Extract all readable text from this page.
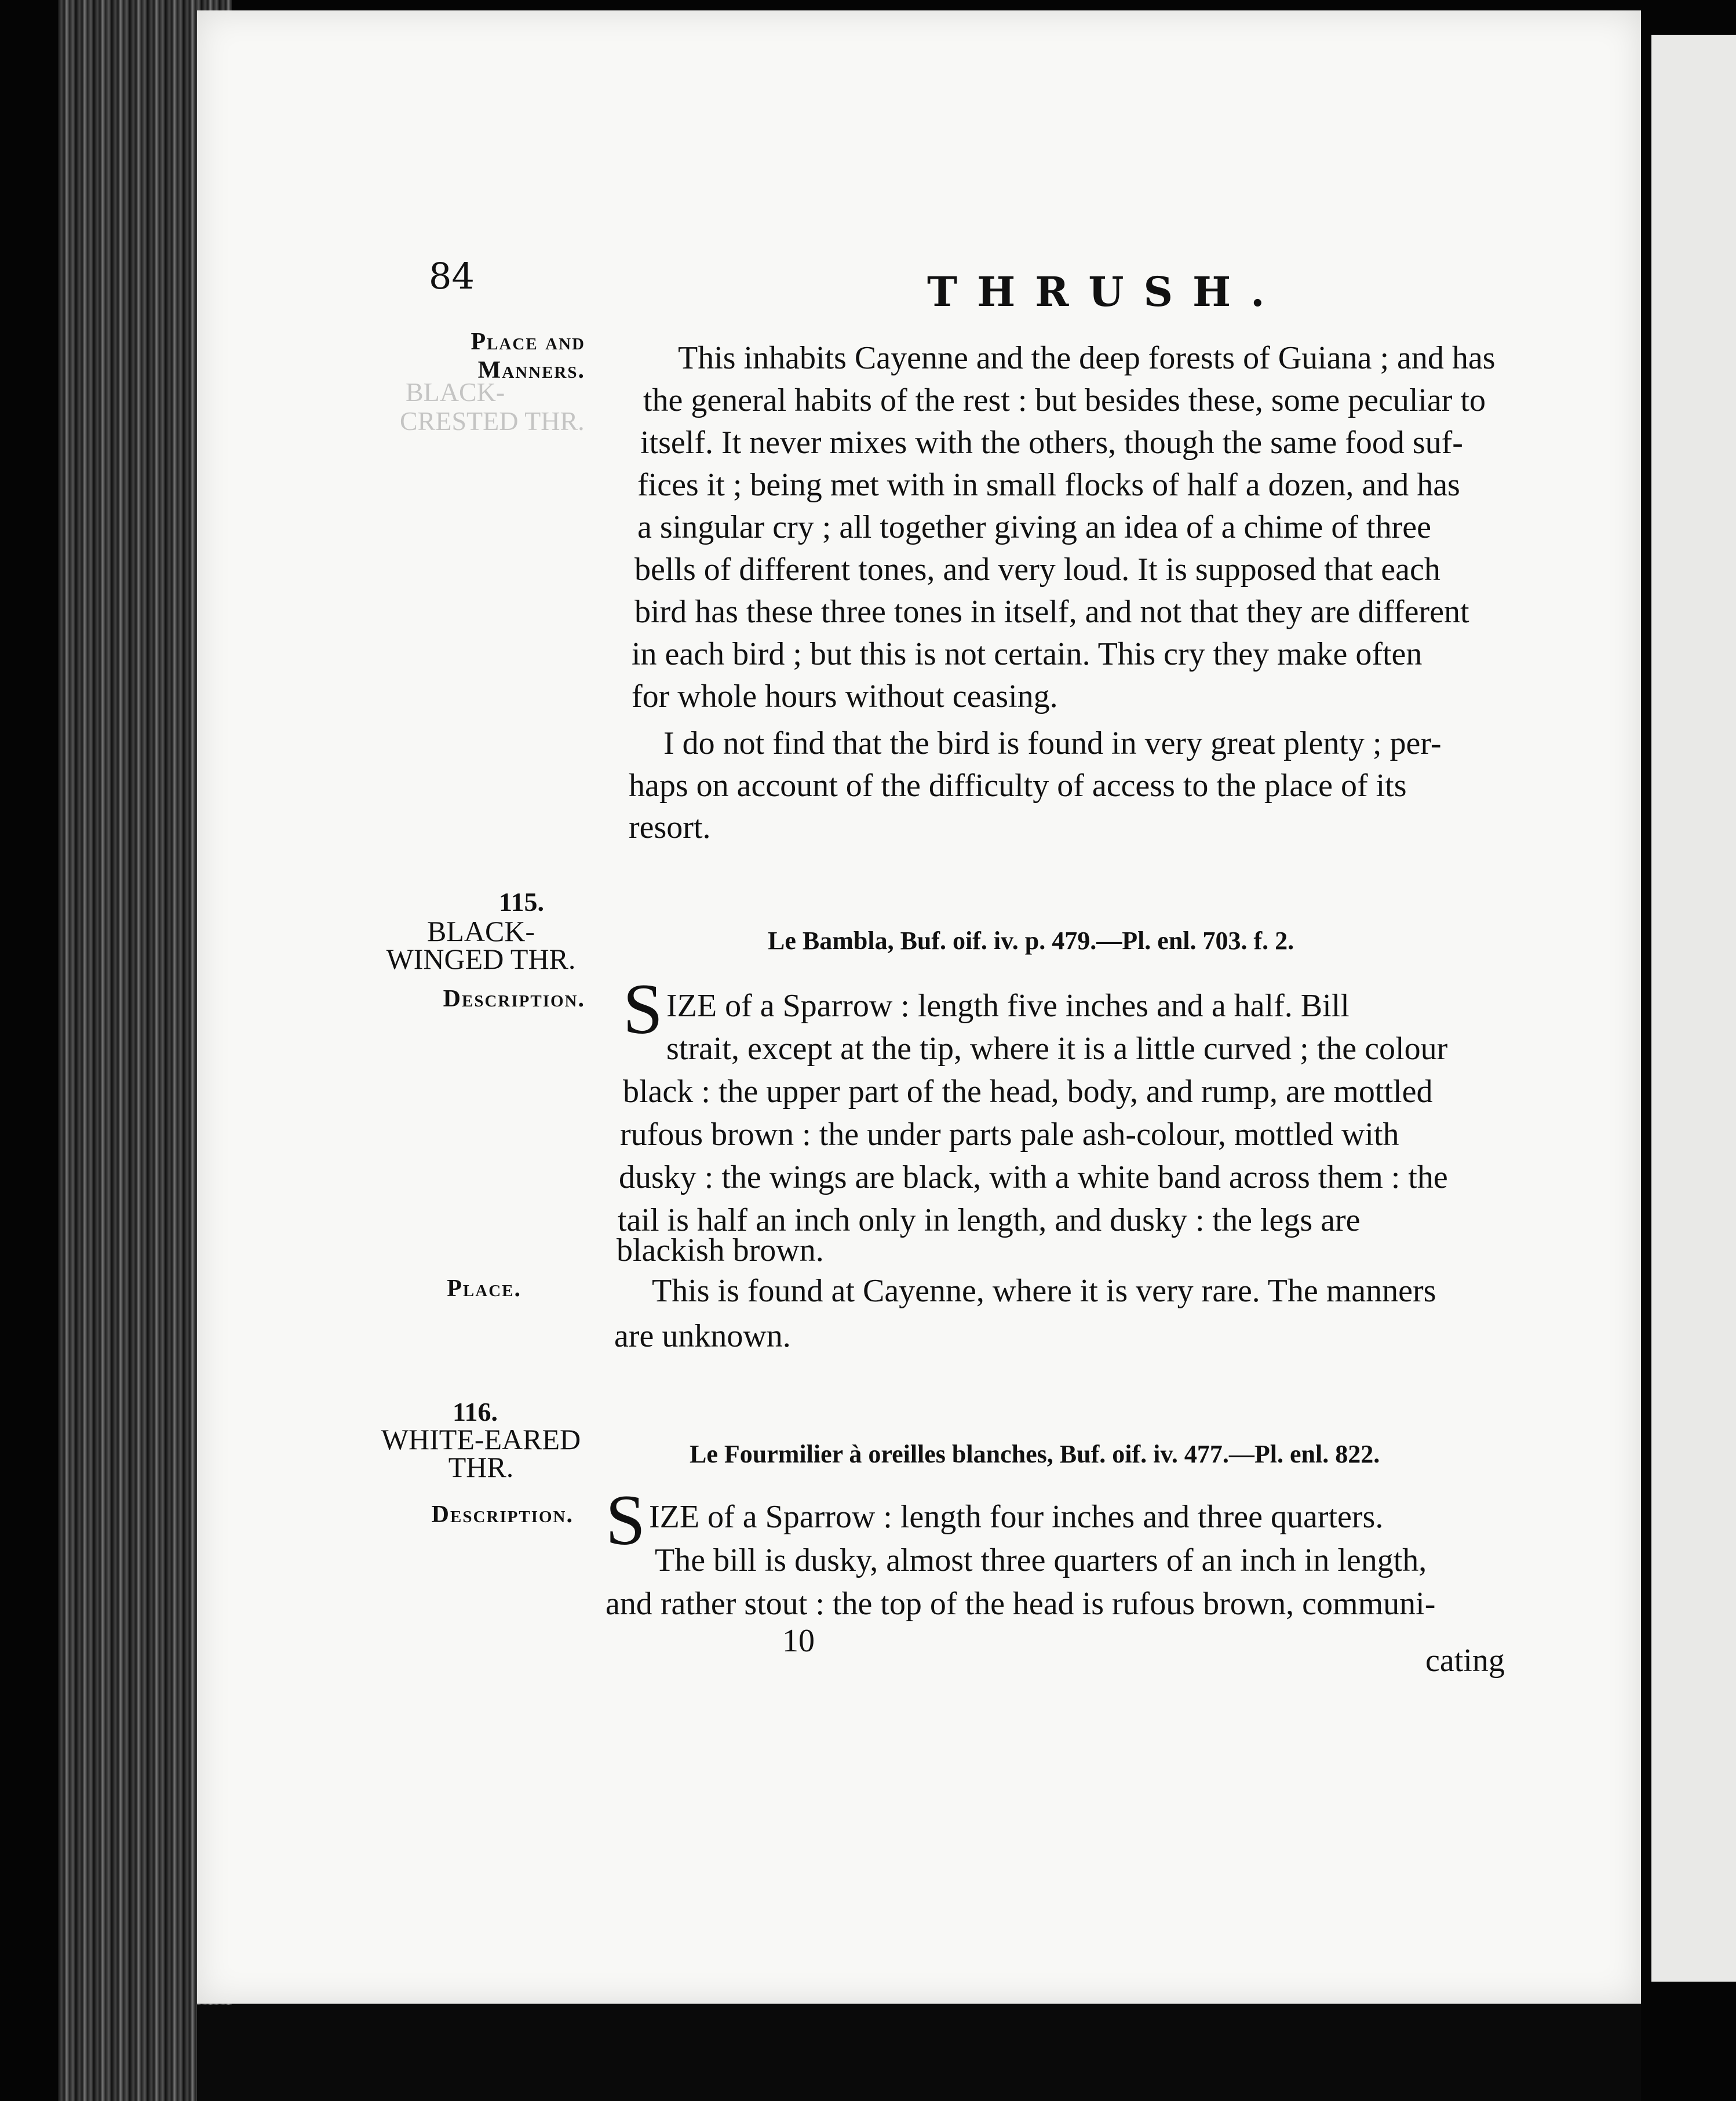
BLACK-
CRESTED THR.
84	THRUSH.
Place and Manners.	This inhabits Cayenne and the deep forests of Guiana ; and has
the general habits of the rest : but besides these, some peculiar to
itself. It never mixes with the others, though the same food suf-
fices it ; being met with in small flocks of half a dozen, and has
a singular cry ; all together giving an idea of a chime of three
bells of different tones, and very loud. It is supposed that each
bird has these three tones in itself, and not that they are different
in each bird ; but this is not certain. This cry they make often
for whole hours without ceasing.
I do not find that the bird is found in very great plenty ; per-
haps on account of the difficulty of access to the place of its
resort.
115.
BLACK-
WINGED THR.
Le Bambla, Buf. oif. iv. p. 479.—Pl. enl. 703. f. 2.
Description. S IZE of a Sparrow : length five inches and a half. Bill
strait, except at the tip, where it is a little curved ; the colour
black : the upper part of the head, body, and rump, are mottled
rufous brown : the under parts pale ash-colour, mottled with
dusky : the wings are black, with a white band across them : the
tail is half an inch only in length, and dusky : the legs are
blackish brown.
Place.	This is found at Cayenne, where it is very rare. The manners
are unknown.
116.
WHITE-EARED
THR.	Le Fourmilier à oreilles blanches, Buf. oif. iv. 477.—Pl. enl. 822.
Description. S IZE of a Sparrow : length four inches and three quarters.
The bill is dusky, almost three quarters of an inch in length,
and rather stout : the top of the head is rufous brown, communi-
10
cating
